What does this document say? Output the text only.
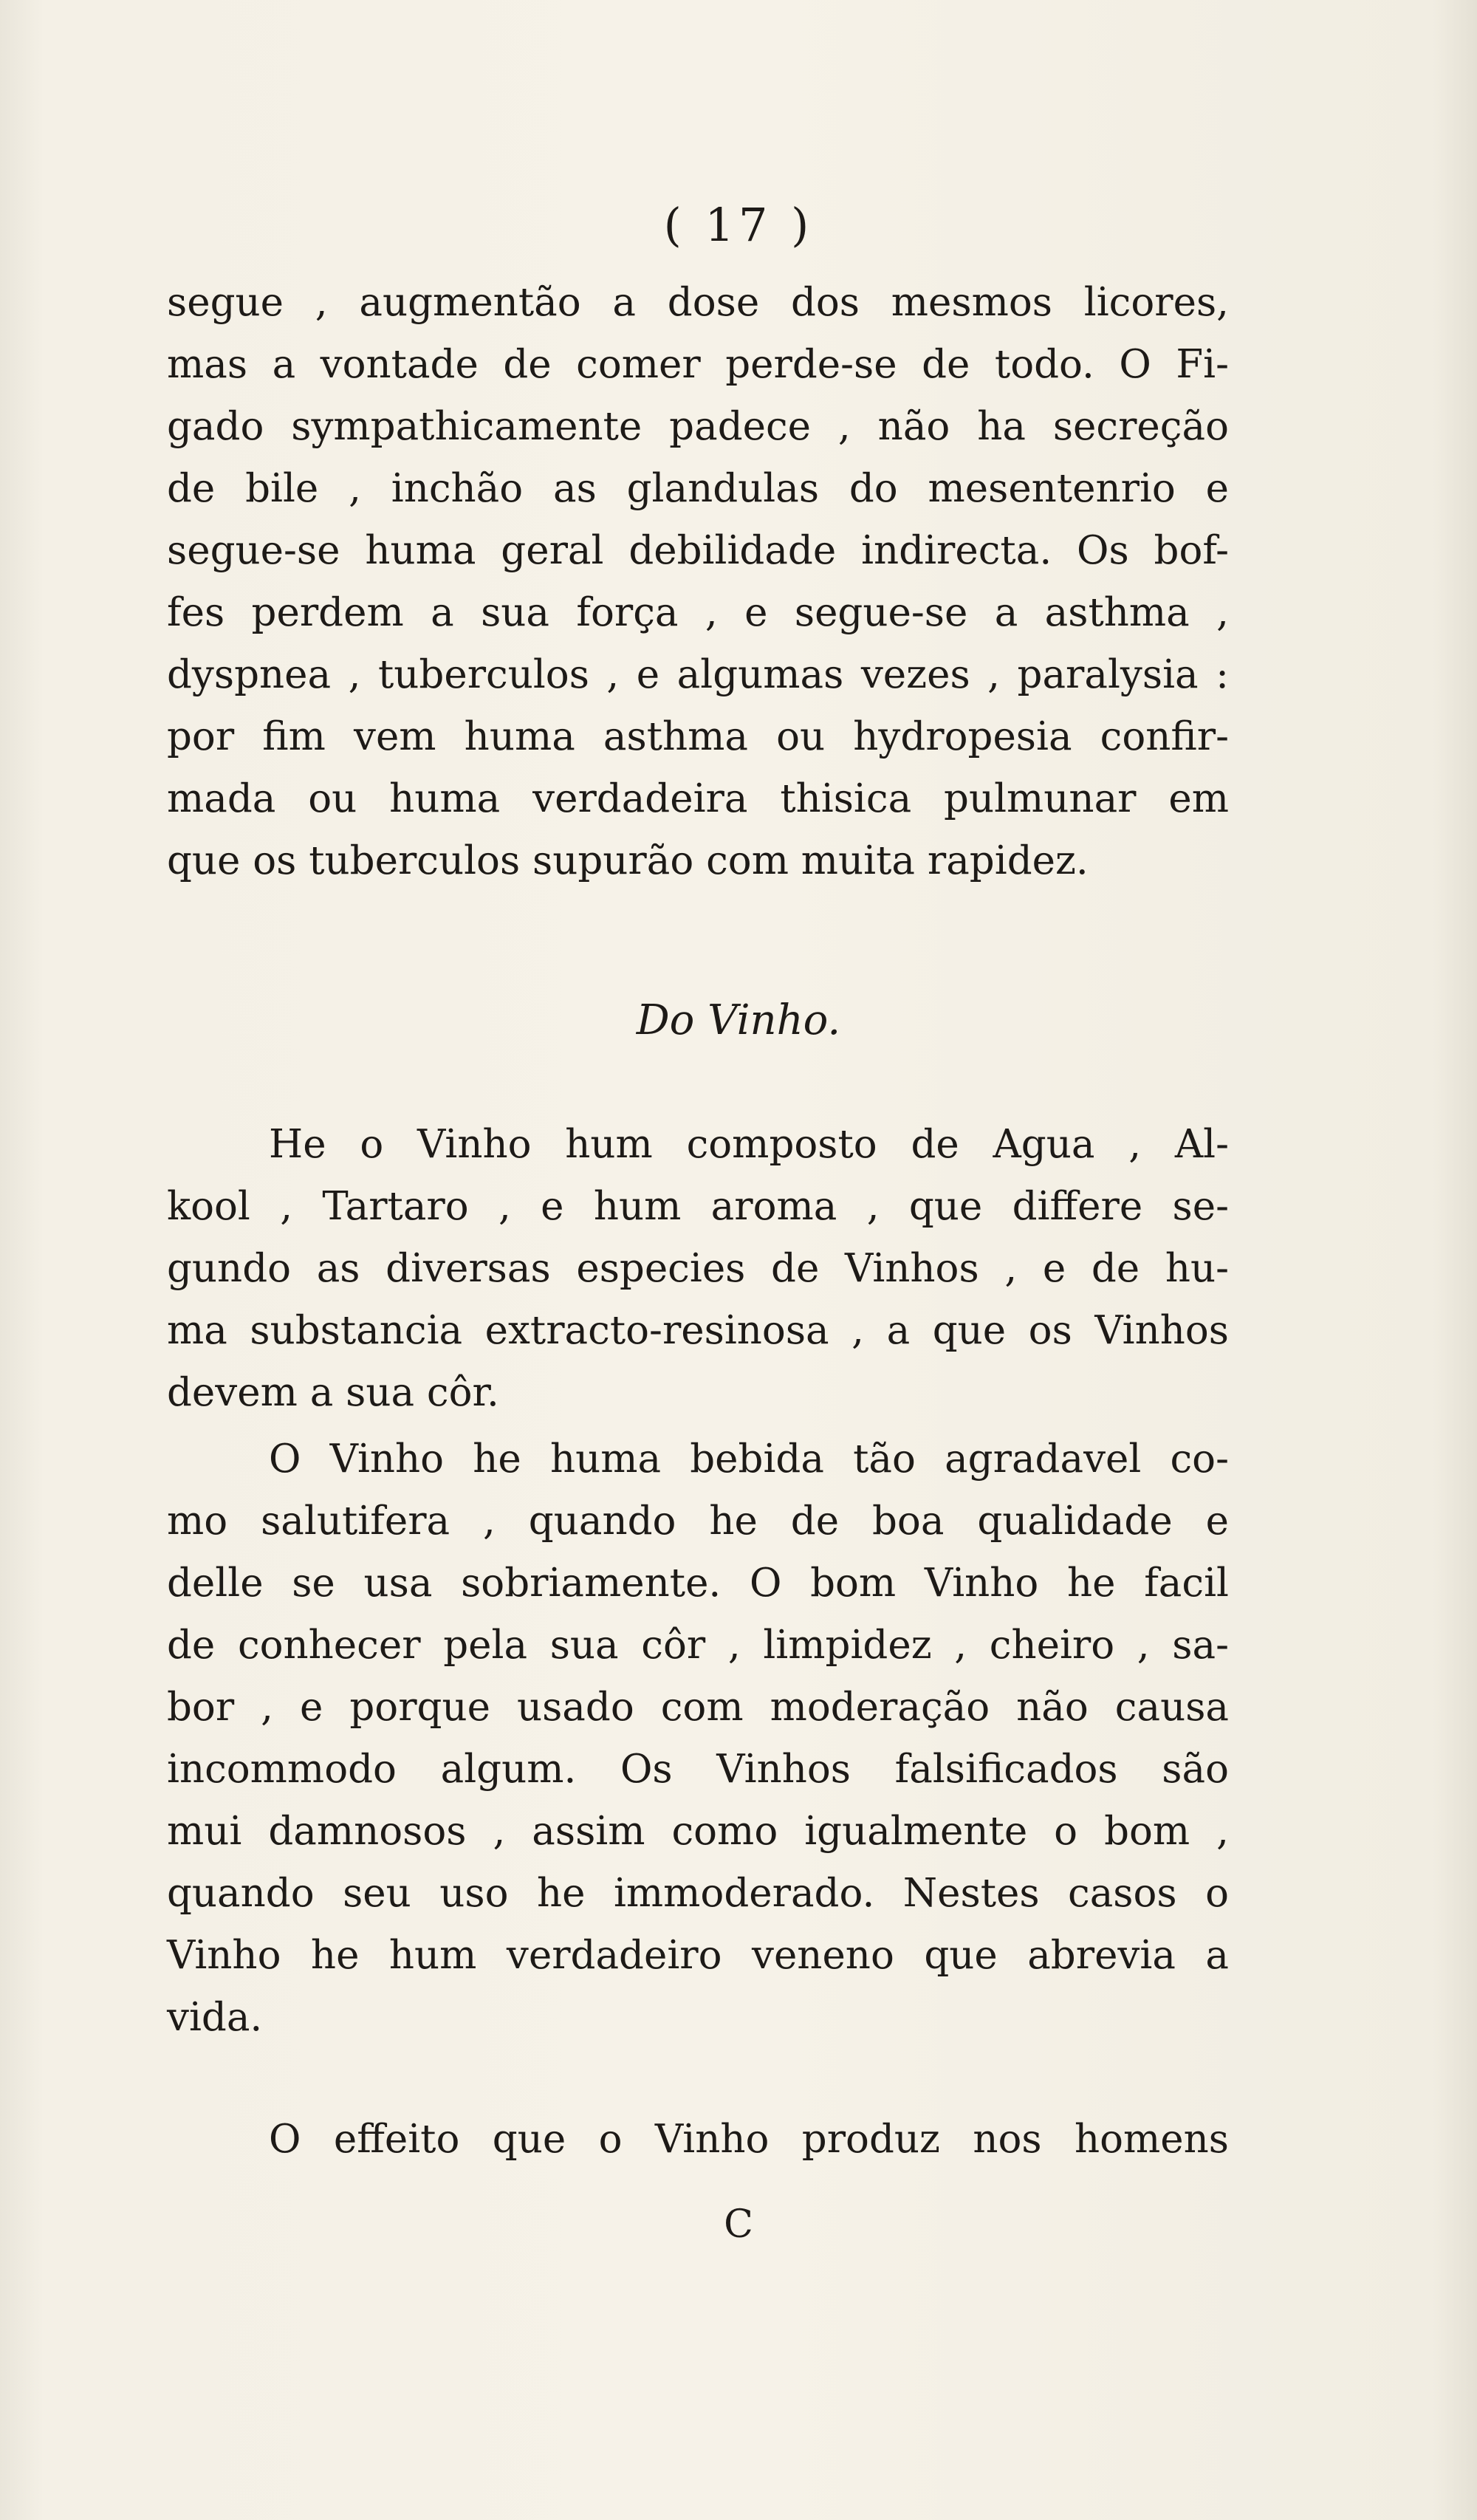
( 17 )
segue , augmentão a dose dos mesmos licores,
mas a vontade de comer perde-se de todo. O Fi-
gado sympathicamente padece , não ha secreção
de bile , inchão as glandulas do mesentenrio e
segue-se huma geral debilidade indirecta. Os bof-
fes perdem a sua força , e segue-se a asthma ,
dyspnea , tuberculos , e algumas vezes , paralysia :
por fim vem huma asthma ou hydropesia confir-
mada ou huma verdadeira thisica pulmunar em
que os tuberculos supurão com muita rapidez.
Do Vinho.
He o Vinho hum composto de Agua , Al-
kool , Tartaro , e hum aroma , que differe se-
gundo as diversas especies de Vinhos , e de hu-
ma substancia extracto-resinosa , a que os Vinhos
devem a sua côr.
O Vinho he huma bebida tão agradavel co-
mo salutifera , quando he de boa qualidade e
delle se usa sobriamente. O bom Vinho he facil
de conhecer pela sua côr , limpidez , cheiro , sa-
bor , e porque usado com moderação não causa
incommodo algum. Os Vinhos falsificados são
mui damnosos , assim como igualmente o bom ,
quando seu uso he immoderado. Nestes casos o
Vinho he hum verdadeiro veneno que abrevia a
vida.
O effeito que o Vinho produz nos homens
C
